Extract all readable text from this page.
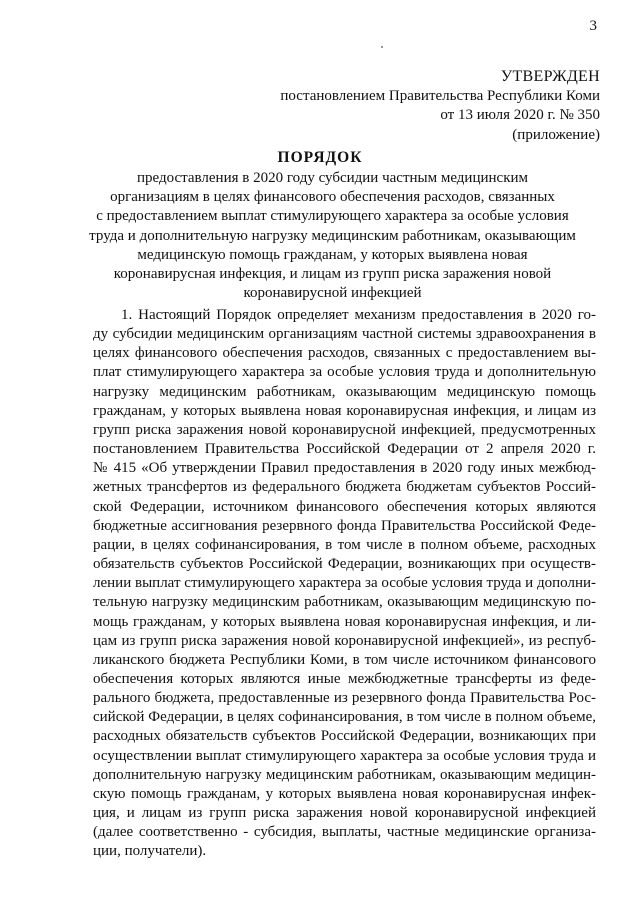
3
УТВЕРЖДЕН
постановлением Правительства Республики Коми
от 13 июля 2020 г. № 350
(приложение)
ПОРЯДОК
предоставления в 2020 году субсидии частным медицинским
организациям в целях финансового обеспечения расходов, связанных
с предоставлением выплат стимулирующего характера за особые условия
труда и дополнительную нагрузку медицинским работникам, оказывающим
медицинскую помощь гражданам, у которых выявлена новая
коронавирусная инфекция, и лицам из групп риска заражения новой
коронавирусной инфекцией
1. Настоящий Порядок определяет механизм предоставления в 2020 го-
ду субсидии медицинским организациям частной системы здравоохранения в
целях финансового обеспечения расходов, связанных с предоставлением вы-
плат стимулирующего характера за особые условия труда и дополнительную
нагрузку медицинским работникам, оказывающим медицинскую помощь
гражданам, у которых выявлена новая коронавирусная инфекция, и лицам из
групп риска заражения новой коронавирусной инфекцией, предусмотренных
постановлением Правительства Российской Федерации от 2 апреля 2020 г.
№ 415 «Об утверждении Правил предоставления в 2020 году иных межбюд-
жетных трансфертов из федерального бюджета бюджетам субъектов Россий-
ской Федерации, источником финансового обеспечения которых являются
бюджетные ассигнования резервного фонда Правительства Российской Феде-
рации, в целях софинансирования, в том числе в полном объеме, расходных
обязательств субъектов Российской Федерации, возникающих при осуществ-
лении выплат стимулирующего характера за особые условия труда и дополни-
тельную нагрузку медицинским работникам, оказывающим медицинскую по-
мощь гражданам, у которых выявлена новая коронавирусная инфекция, и ли-
цам из групп риска заражения новой коронавирусной инфекцией», из респуб-
ликанского бюджета Республики Коми, в том числе источником финансового
обеспечения которых являются иные межбюджетные трансферты из феде-
рального бюджета, предоставленные из резервного фонда Правительства Рос-
сийской Федерации, в целях софинансирования, в том числе в полном объеме,
расходных обязательств субъектов Российской Федерации, возникающих при
осуществлении выплат стимулирующего характера за особые условия труда и
дополнительную нагрузку медицинским работникам, оказывающим медицин-
скую помощь гражданам, у которых выявлена новая коронавирусная инфек-
ция, и лицам из групп риска заражения новой коронавирусной инфекцией
(далее соответственно - субсидия, выплаты, частные медицинские организа-
ции, получатели).
